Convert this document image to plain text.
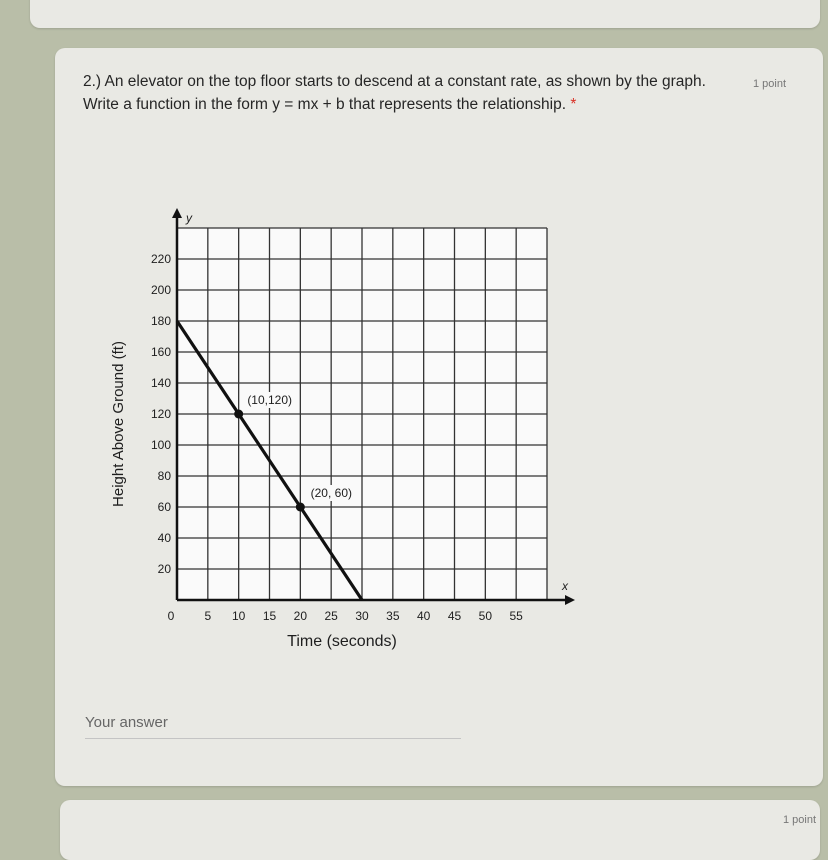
2.) An elevator on the top floor starts to descend at a constant rate, as shown by the graph. Write a function in the form y = mx + b that represents the relationship. *
1 point
x
y
0	5 10 15 20 25 30 35 40 45 50 55
20
40
60
80
100
120
140
160
180
200
220
Time (seconds)
Height Above Ground (ft)	(10,120)
(20, 60)
Your answer
1 point
